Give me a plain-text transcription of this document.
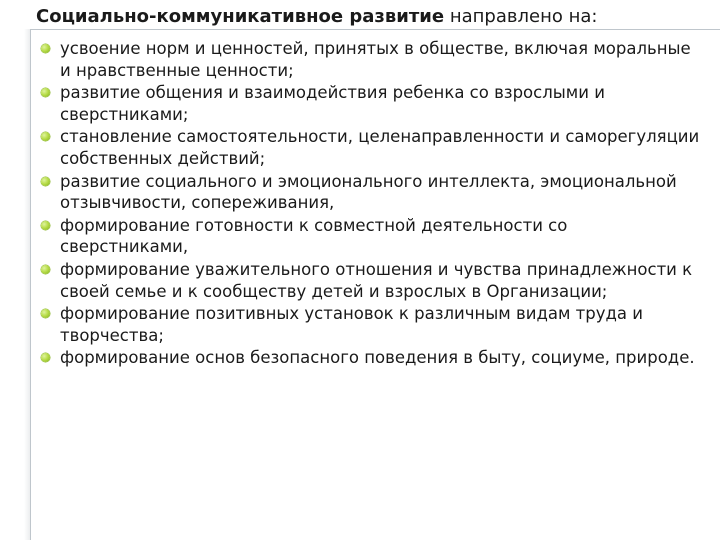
Социально-коммуникативное развитие направлено на:
усвоение норм и ценностей, принятых в обществе, включая моральные и нравственные ценности;
развитие общения и взаимодействия ребенка со взрослыми и сверстниками;
становление самостоятельности, целенаправленности и саморегуляции собственных действий;
развитие социального и эмоционального интеллекта, эмоциональной отзывчивости, сопереживания,
формирование готовности к совместной деятельности со сверстниками,
формирование уважительного отношения и чувства принадлежности к своей семье и к сообществу детей и взрослых в Организации;
формирование позитивных установок к различным видам труда и творчества;
формирование основ безопасного поведения в быту, социуме, природе.
